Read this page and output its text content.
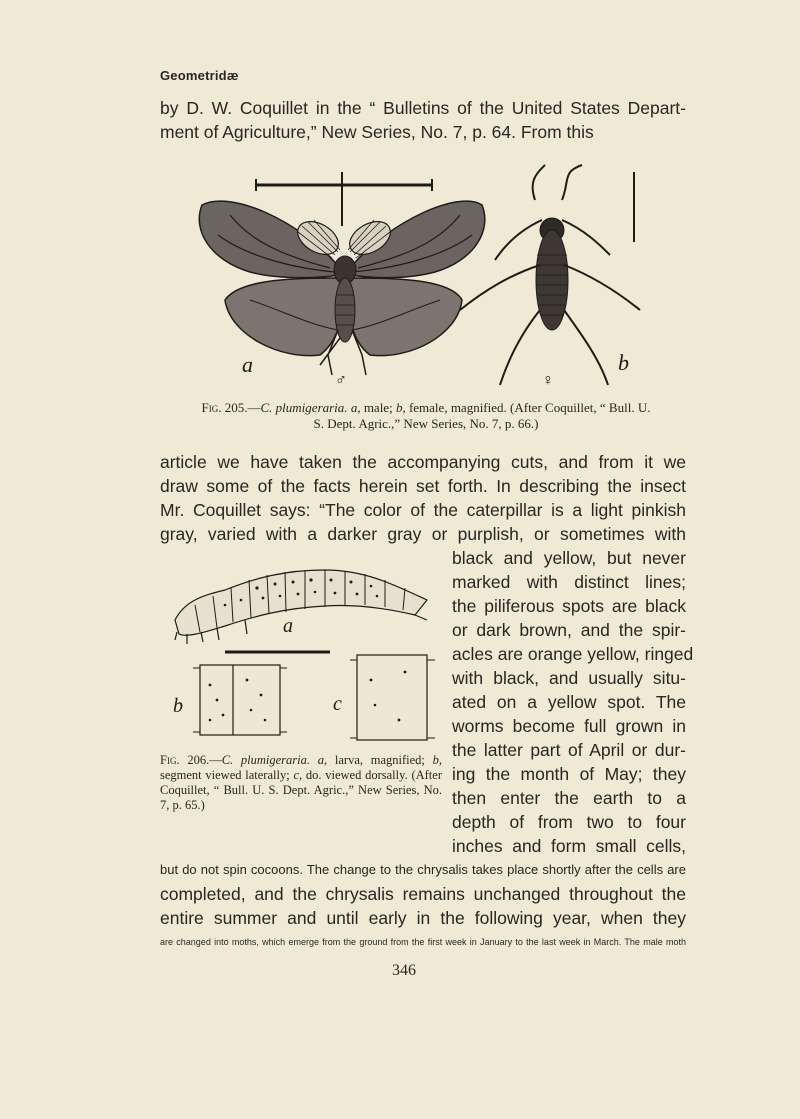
Geometridæ
by D. W. Coquillet in the “ Bulletins of the United States Depart-
ment of Agriculture,” New Series, No. 7, p. 64. From this
a
♂
b
♀
Fig. 205.—C. plumigeraria. a, male; b, female, magnified. (After Coquillet, “ Bull. U. S. Dept. Agric.,” New Series, No. 7, p. 66.)
article we have taken the accompanying cuts, and from it we
draw some of the facts herein set forth. In describing the insect
Mr. Coquillet says: “The color of the caterpillar is a light pinkish
gray, varied with a darker gray or purplish, or sometimes with
a
b	c
Fig. 206.—C. plumigeraria. a, larva, magnified; b, segment viewed laterally; c, do. viewed dorsally. (After Coquillet, “ Bull. U. S. Dept. Agric.,” New Series, No. 7, p. 65.)
black and yellow, but never
marked with distinct lines;
the piliferous spots are black
or dark brown, and the spir-
acles are orange yellow, ringed
with black, and usually situ-
ated on a yellow spot. The
worms become full grown in
the latter part of April or dur-
ing the month of May; they
then enter the earth to a
depth of from two to four
inches and form small cells,
but do not spin cocoons. The change to the chrysalis takes place shortly after the cells are
completed, and the chrysalis remains unchanged throughout the
entire summer and until early in the following year, when they
are changed into moths, which emerge from the ground from the first week in January to the last week in March. The male moth
346
